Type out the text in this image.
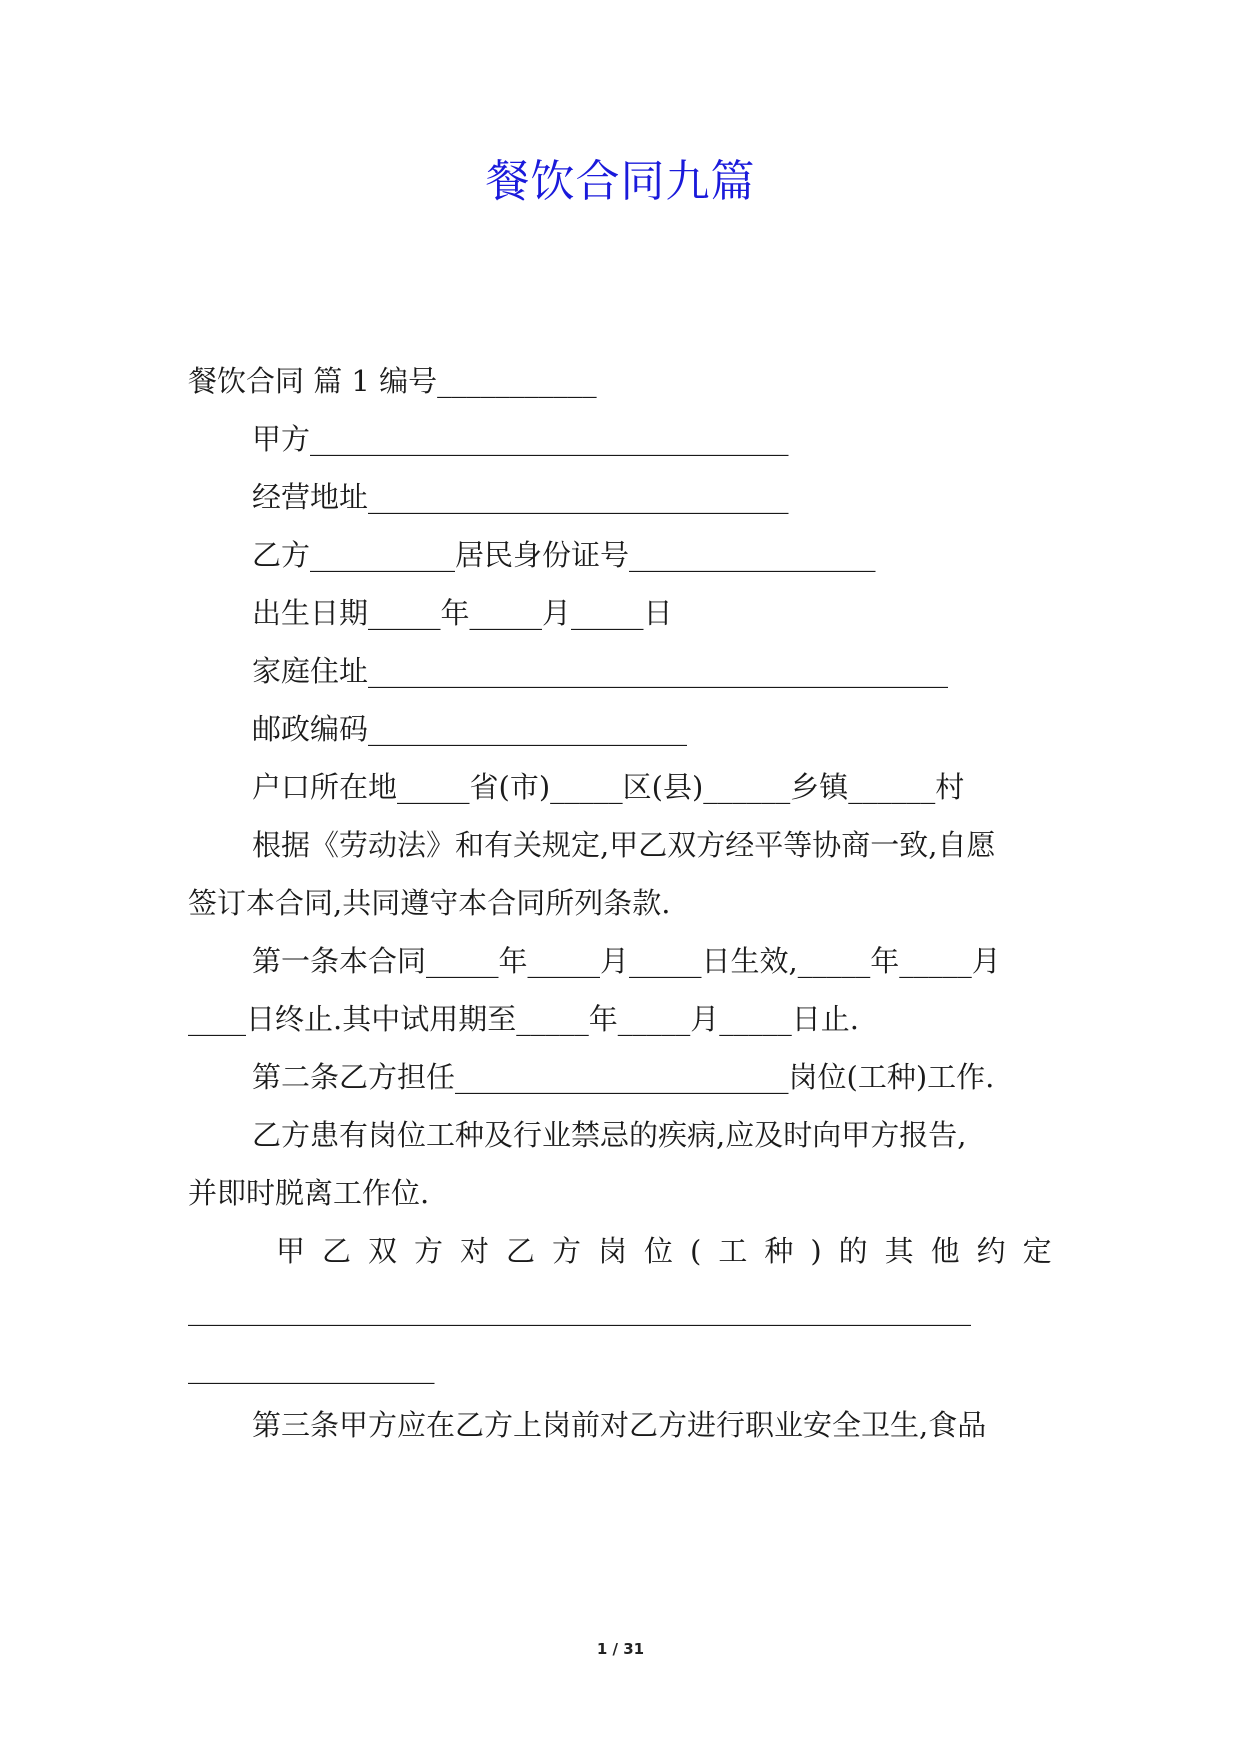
餐饮合同九篇
餐饮合同 篇 1 编号___________
甲方_________________________________
经营地址_____________________________
乙方__________居民身份证号_________________
出生日期_____年_____月_____日
家庭住址________________________________________
邮政编码______________________
户口所在地_____省(市)_____区(县)______乡镇______村
根据《劳动法》和有关规定,甲乙双方经平等协商一致,自愿
签订本合同,共同遵守本合同所列条款.
第一条本合同_____年_____月_____日生效,_____年_____月
____日终止.其中试用期至_____年_____月_____日止.
第二条乙方担任_______________________岗位(工种)工作.
乙方患有岗位工种及行业禁忌的疾病,应及时向甲方报告,
并即时脱离工作位.
甲乙双方对乙方岗位(工种)的其他约定
______________________________________________________
_________________
第三条甲方应在乙方上岗前对乙方进行职业安全卫生,食品
1 / 31
